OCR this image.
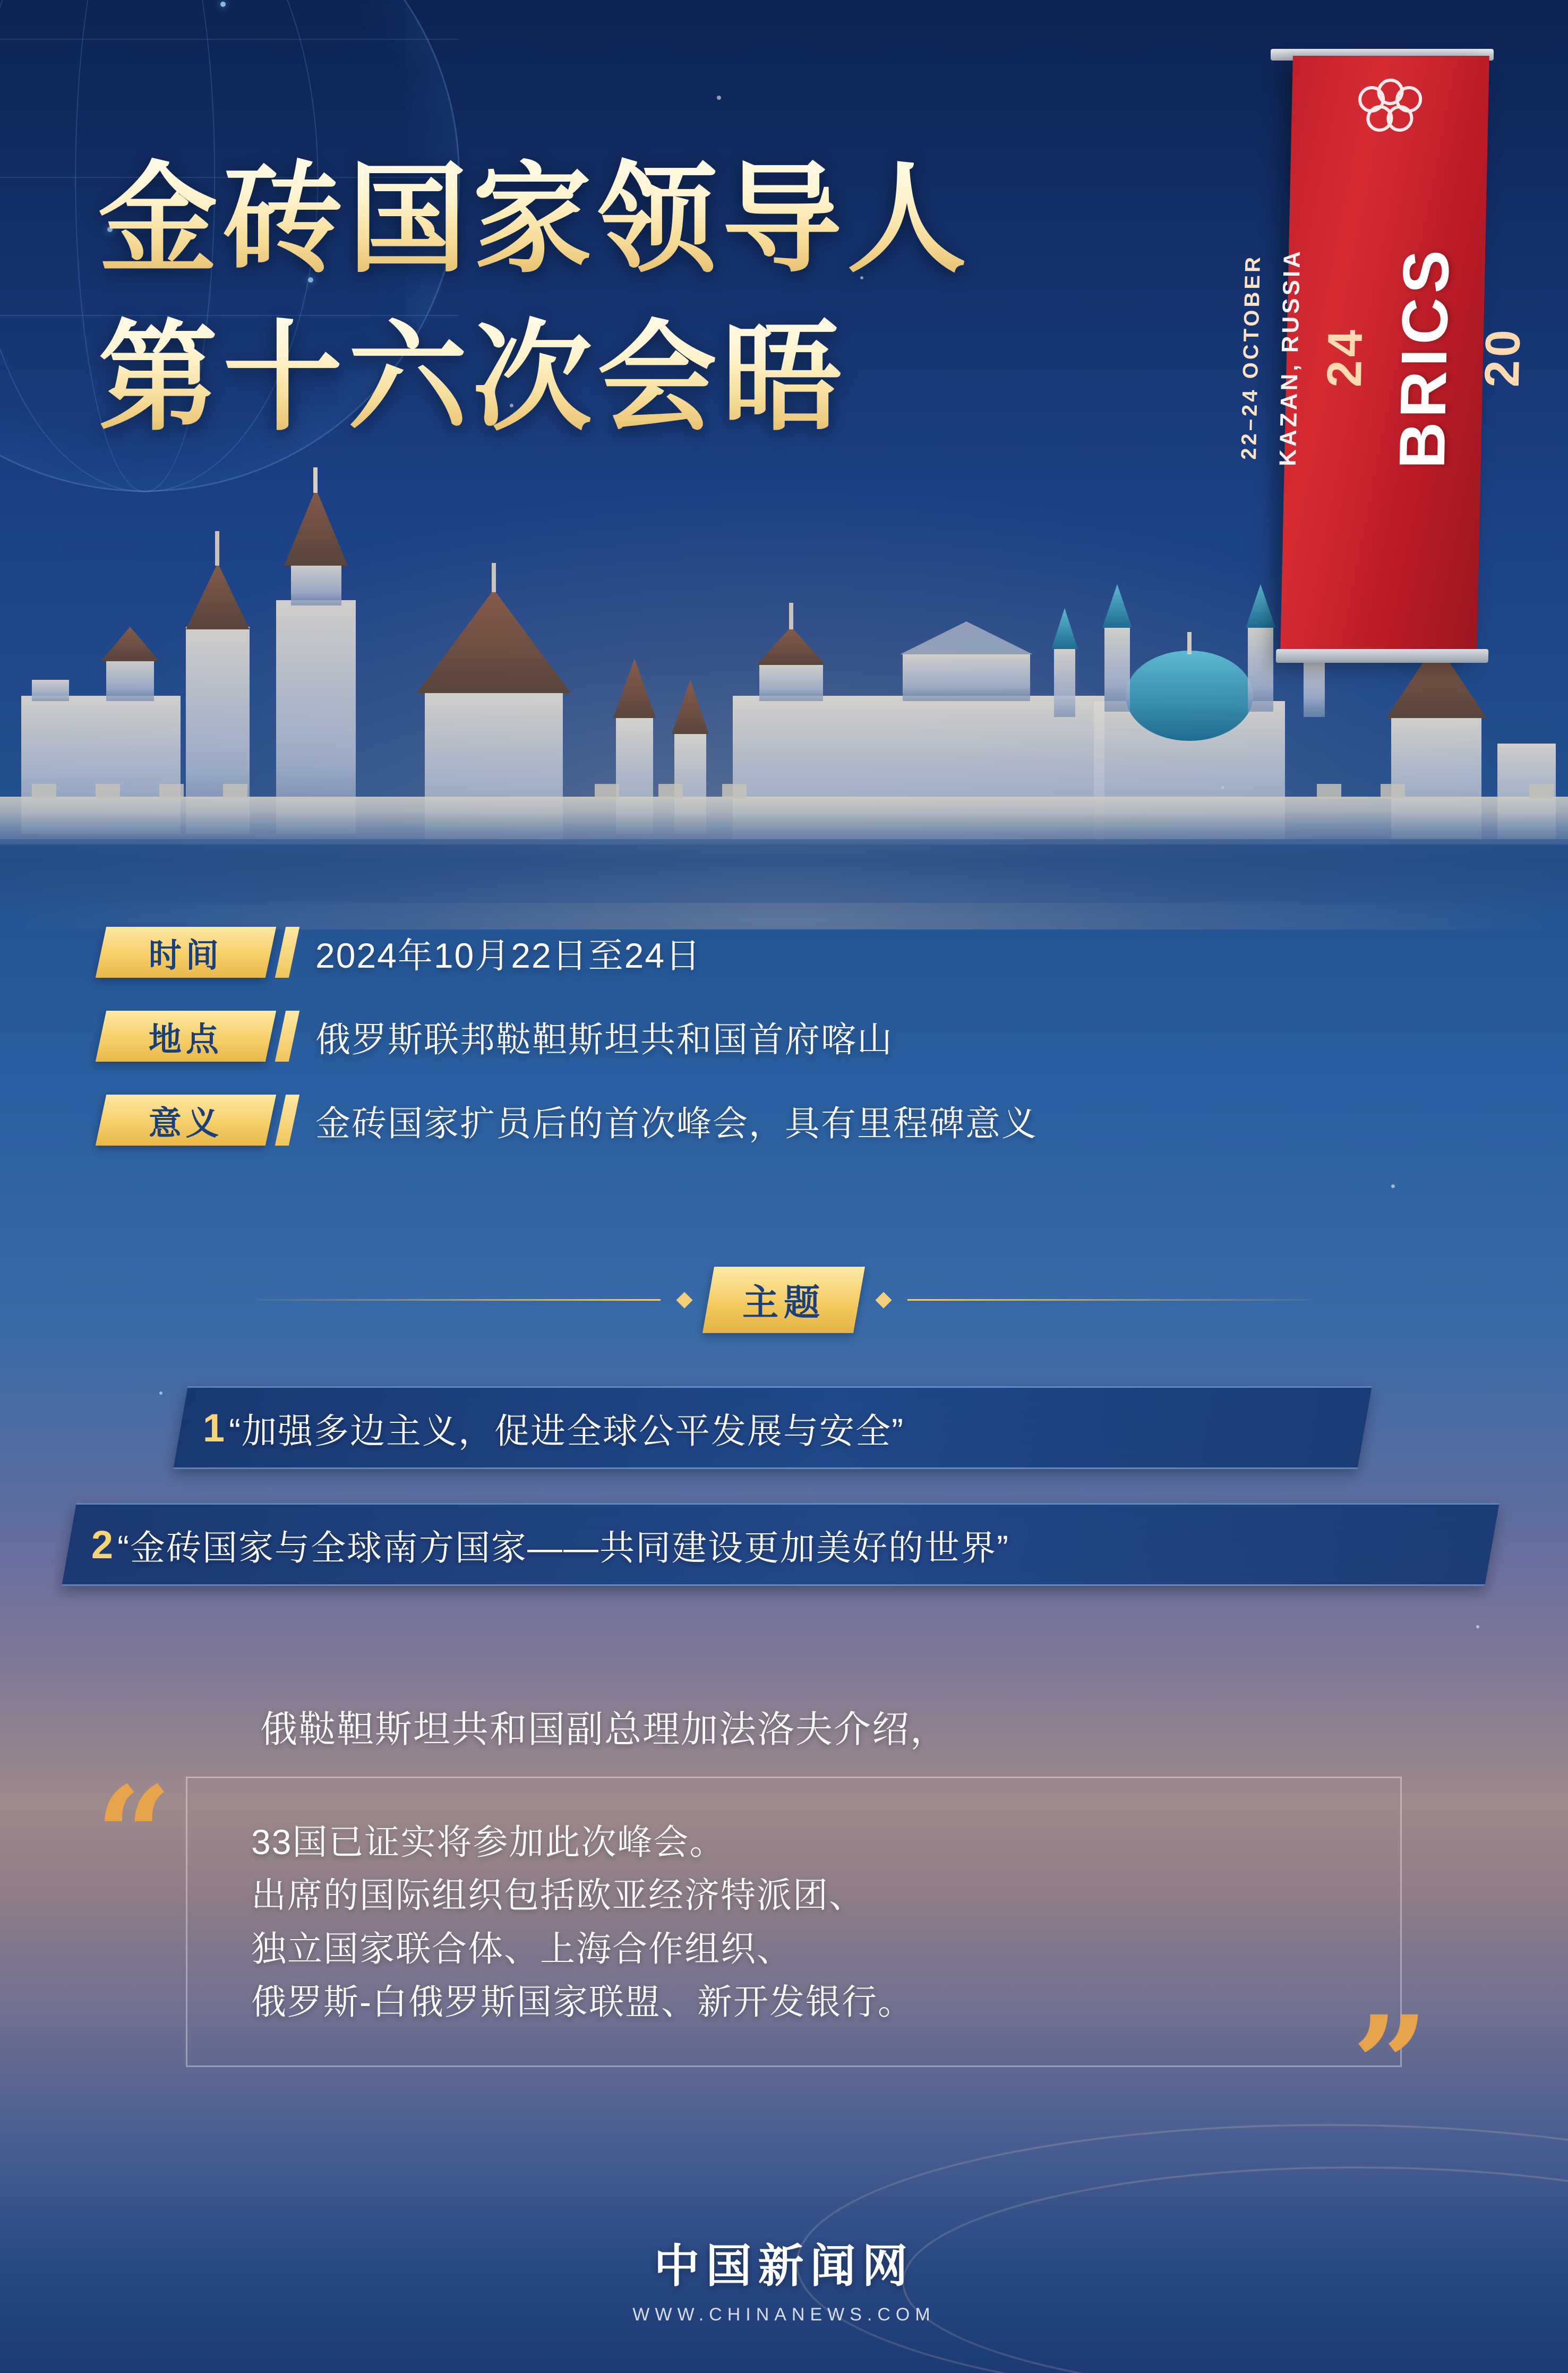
金砖国家领导人
第十六次会晤	22–24 OCTOBER KAZAN, RUSSIA 24 BRICS 20
时间	2024年10月22日至24日
地点	俄罗斯联邦鞑靼斯坦共和国首府喀山
意义	金砖国家扩员后的首次峰会，具有里程碑意义
主题
1 “加强多边主义，促进全球公平发展与安全”
2 “金砖国家与全球南方国家——共同建设更加美好的世界”
“
俄鞑靼斯坦共和国副总理加法洛夫介绍，
33国已证实将参加此次峰会。
出席的国际组织包括欧亚经济特派团、
独立国家联合体、上海合作组织、
俄罗斯-白俄罗斯国家联盟、新开发银行。	”
中国新闻网
WWW.CHINANEWS.COM
